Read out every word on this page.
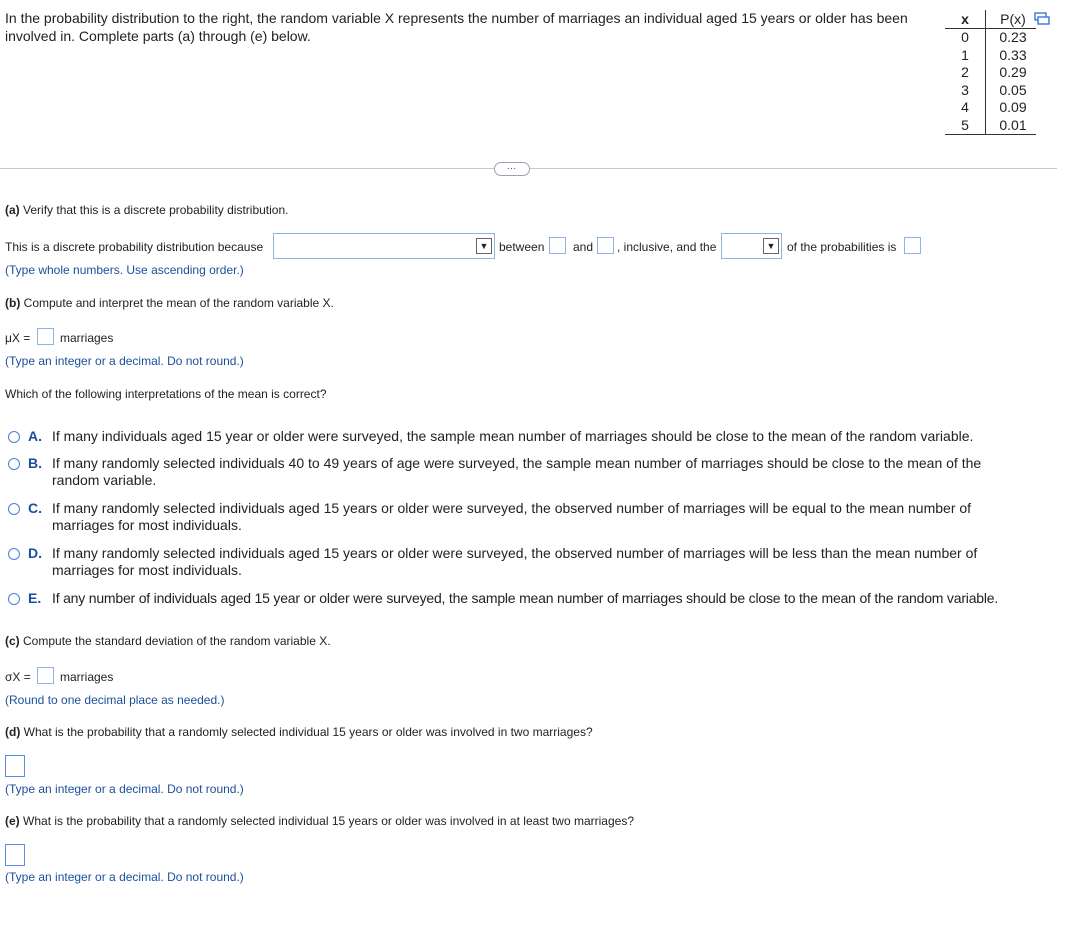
In the probability distribution to the right, the random variable X represents the number of marriages an individual aged 15 years or older has been involved in. Complete parts (a) through (e) below.
x	P(x)
0	0.23
1	0.33
2	0.29
3	0.05
4	0.09
5	0.01
…
(a) Verify that this is a discrete probability distribution.
This is a discrete probability distribution because	▼ between and , inclusive, and the	▼ of the probabilities is
(Type whole numbers. Use ascending order.)
(b) Compute and interpret the mean of the random variable X.
μX = marriages
(Type an integer or a decimal. Do not round.)
Which of the following interpretations of the mean is correct?
A. If many individuals aged 15 year or older were surveyed, the sample mean number of marriages should be close to the mean of the random variable.
B. If many randomly selected individuals 40 to 49 years of age were surveyed, the sample mean number of marriages should be close to the mean of the random variable.
C. If many randomly selected individuals aged 15 years or older were surveyed, the observed number of marriages will be equal to the mean number of marriages for most individuals.
D. If many randomly selected individuals aged 15 years or older were surveyed, the observed number of marriages will be less than the mean number of marriages for most individuals.
E. If any number of individuals aged 15 year or older were surveyed, the sample mean number of marriages should be close to the mean of the random variable.
(c) Compute the standard deviation of the random variable X.
σX = marriages
(Round to one decimal place as needed.)
(d) What is the probability that a randomly selected individual 15 years or older was involved in two marriages?
(Type an integer or a decimal. Do not round.)
(e) What is the probability that a randomly selected individual 15 years or older was involved in at least two marriages?
(Type an integer or a decimal. Do not round.)
